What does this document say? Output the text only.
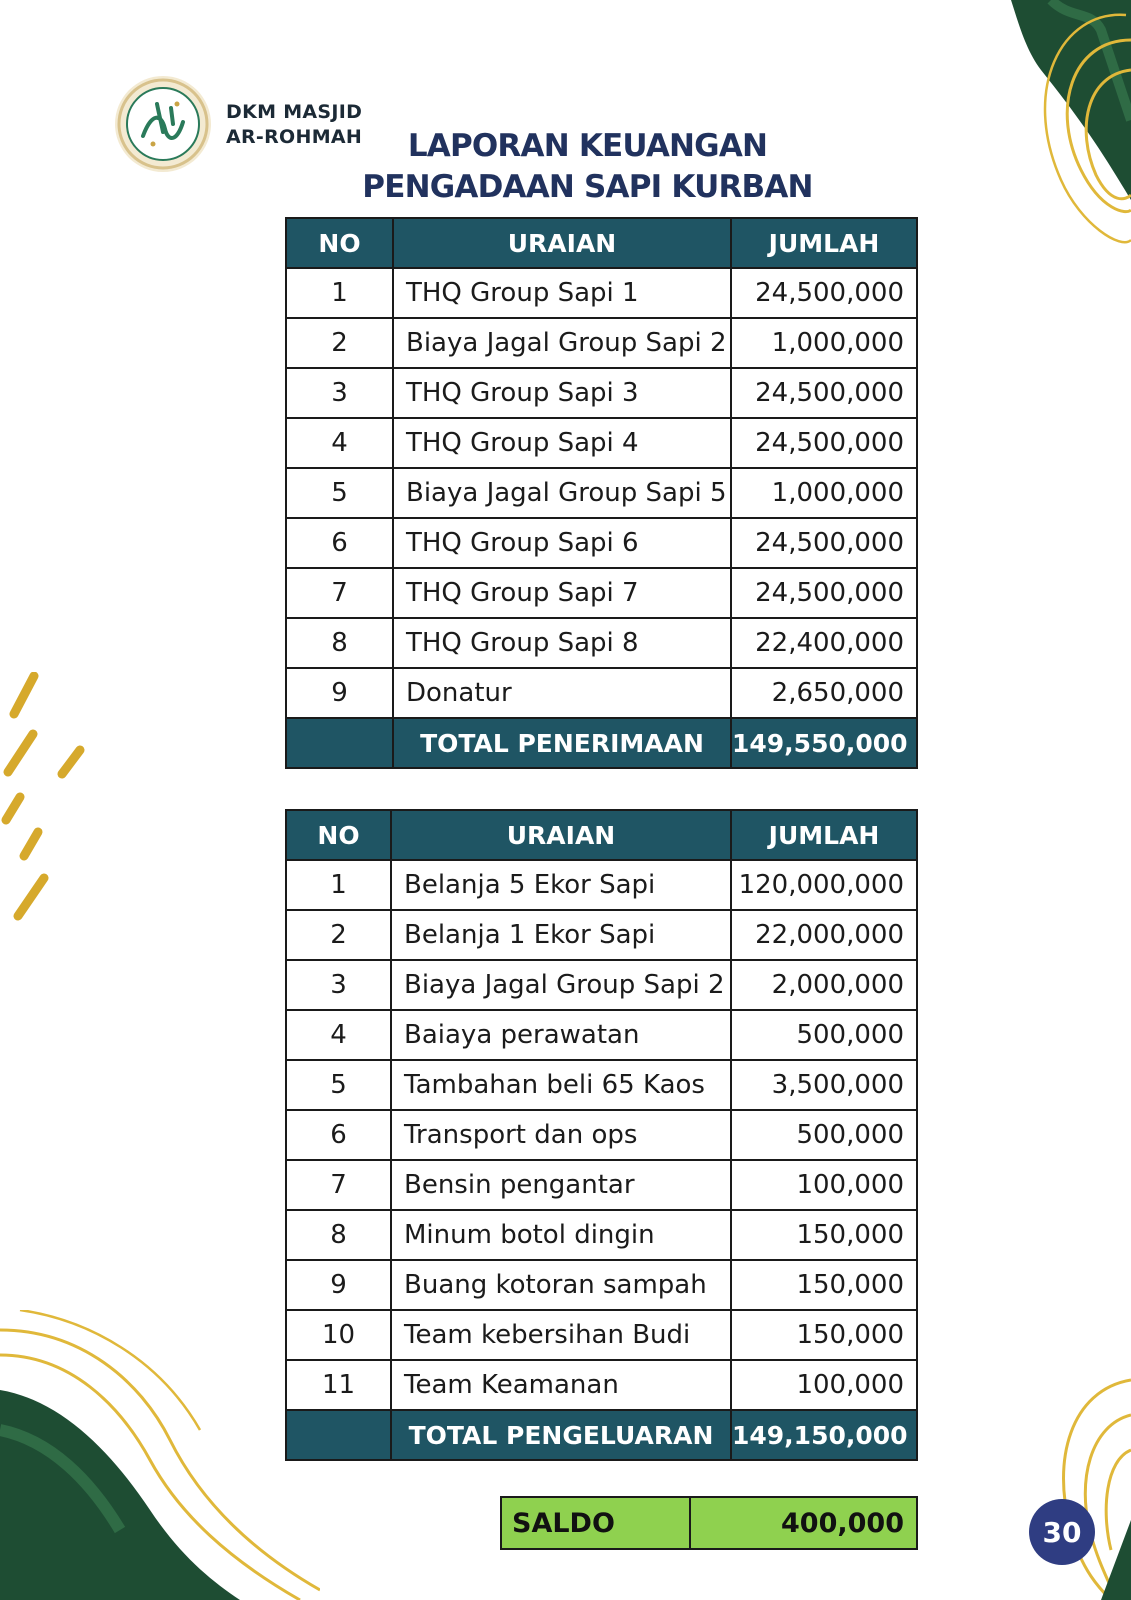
DKM MASJID
AR-ROHMAH	LAPORAN KEUANGAN
PENGADAAN SAPI KURBAN
NO	URAIAN	JUMLAH
1	THQ Group Sapi 1	24,500,000
2	Biaya Jagal Group Sapi 2	1,000,000
3	THQ Group Sapi 3	24,500,000
4	THQ Group Sapi 4	24,500,000
5	Biaya Jagal Group Sapi 5	1,000,000
6	THQ Group Sapi 6	24,500,000
7	THQ Group Sapi 7	24,500,000
8	THQ Group Sapi 8	22,400,000
9	Donatur	2,650,000
	TOTAL PENERIMAAN	149,550,000
NO	URAIAN	JUMLAH
1	Belanja 5 Ekor Sapi	120,000,000
2	Belanja 1 Ekor Sapi	22,000,000
3	Biaya Jagal Group Sapi 2	2,000,000
4	Baiaya perawatan	500,000
5	Tambahan beli 65 Kaos	3,500,000
6	Transport dan ops	500,000
7	Bensin pengantar	100,000
8	Minum botol dingin	150,000
9	Buang kotoran sampah	150,000
10	Team kebersihan Budi	150,000
11	Team Keamanan	100,000
	TOTAL PENGELUARAN	149,150,000
SALDO	400,000	30
